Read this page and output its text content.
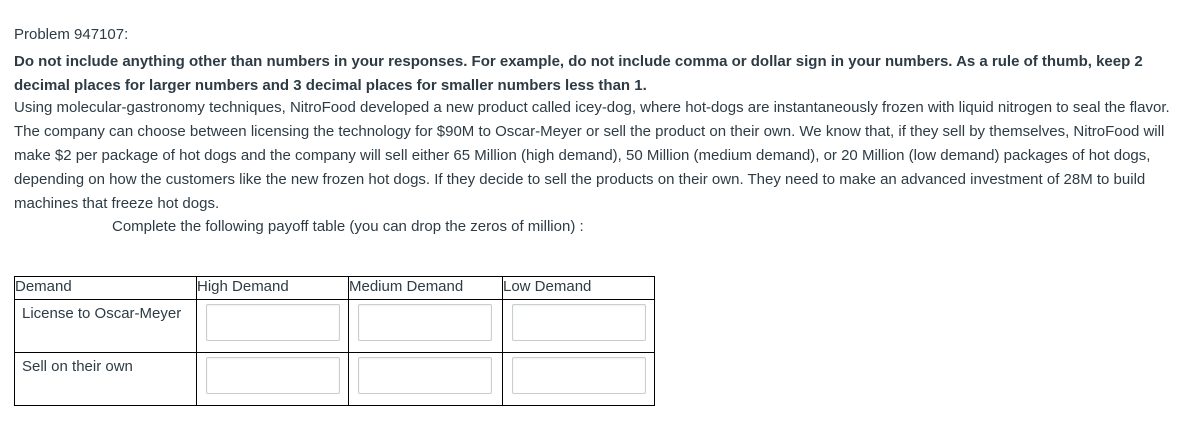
Problem 947107:
Do not include anything other than numbers in your responses. For example, do not include comma or dollar sign in your numbers. As a rule of thumb, keep 2 decimal places for larger numbers and 3 decimal places for smaller numbers less than 1.
Using molecular-gastronomy techniques, NitroFood developed a new product called icey-dog, where hot-dogs are instantaneously frozen with liquid nitrogen to seal the flavor. The company can choose between licensing the technology for $90M to Oscar-Meyer or sell the product on their own. We know that, if they sell by themselves, NitroFood will make $2 per package of hot dogs and the company will sell either 65 Million (high demand), 50 Million (medium demand), or 20 Million (low demand) packages of hot dogs, depending on how the customers like the new frozen hot dogs. If they decide to sell the products on their own. They need to make an advanced investment of 28M to build machines that freeze hot dogs.
Complete the following payoff table (you can drop the zeros of million) :
Demand	High Demand	Medium Demand	Low Demand
License to Oscar-Meyer	

Sell on their own	
